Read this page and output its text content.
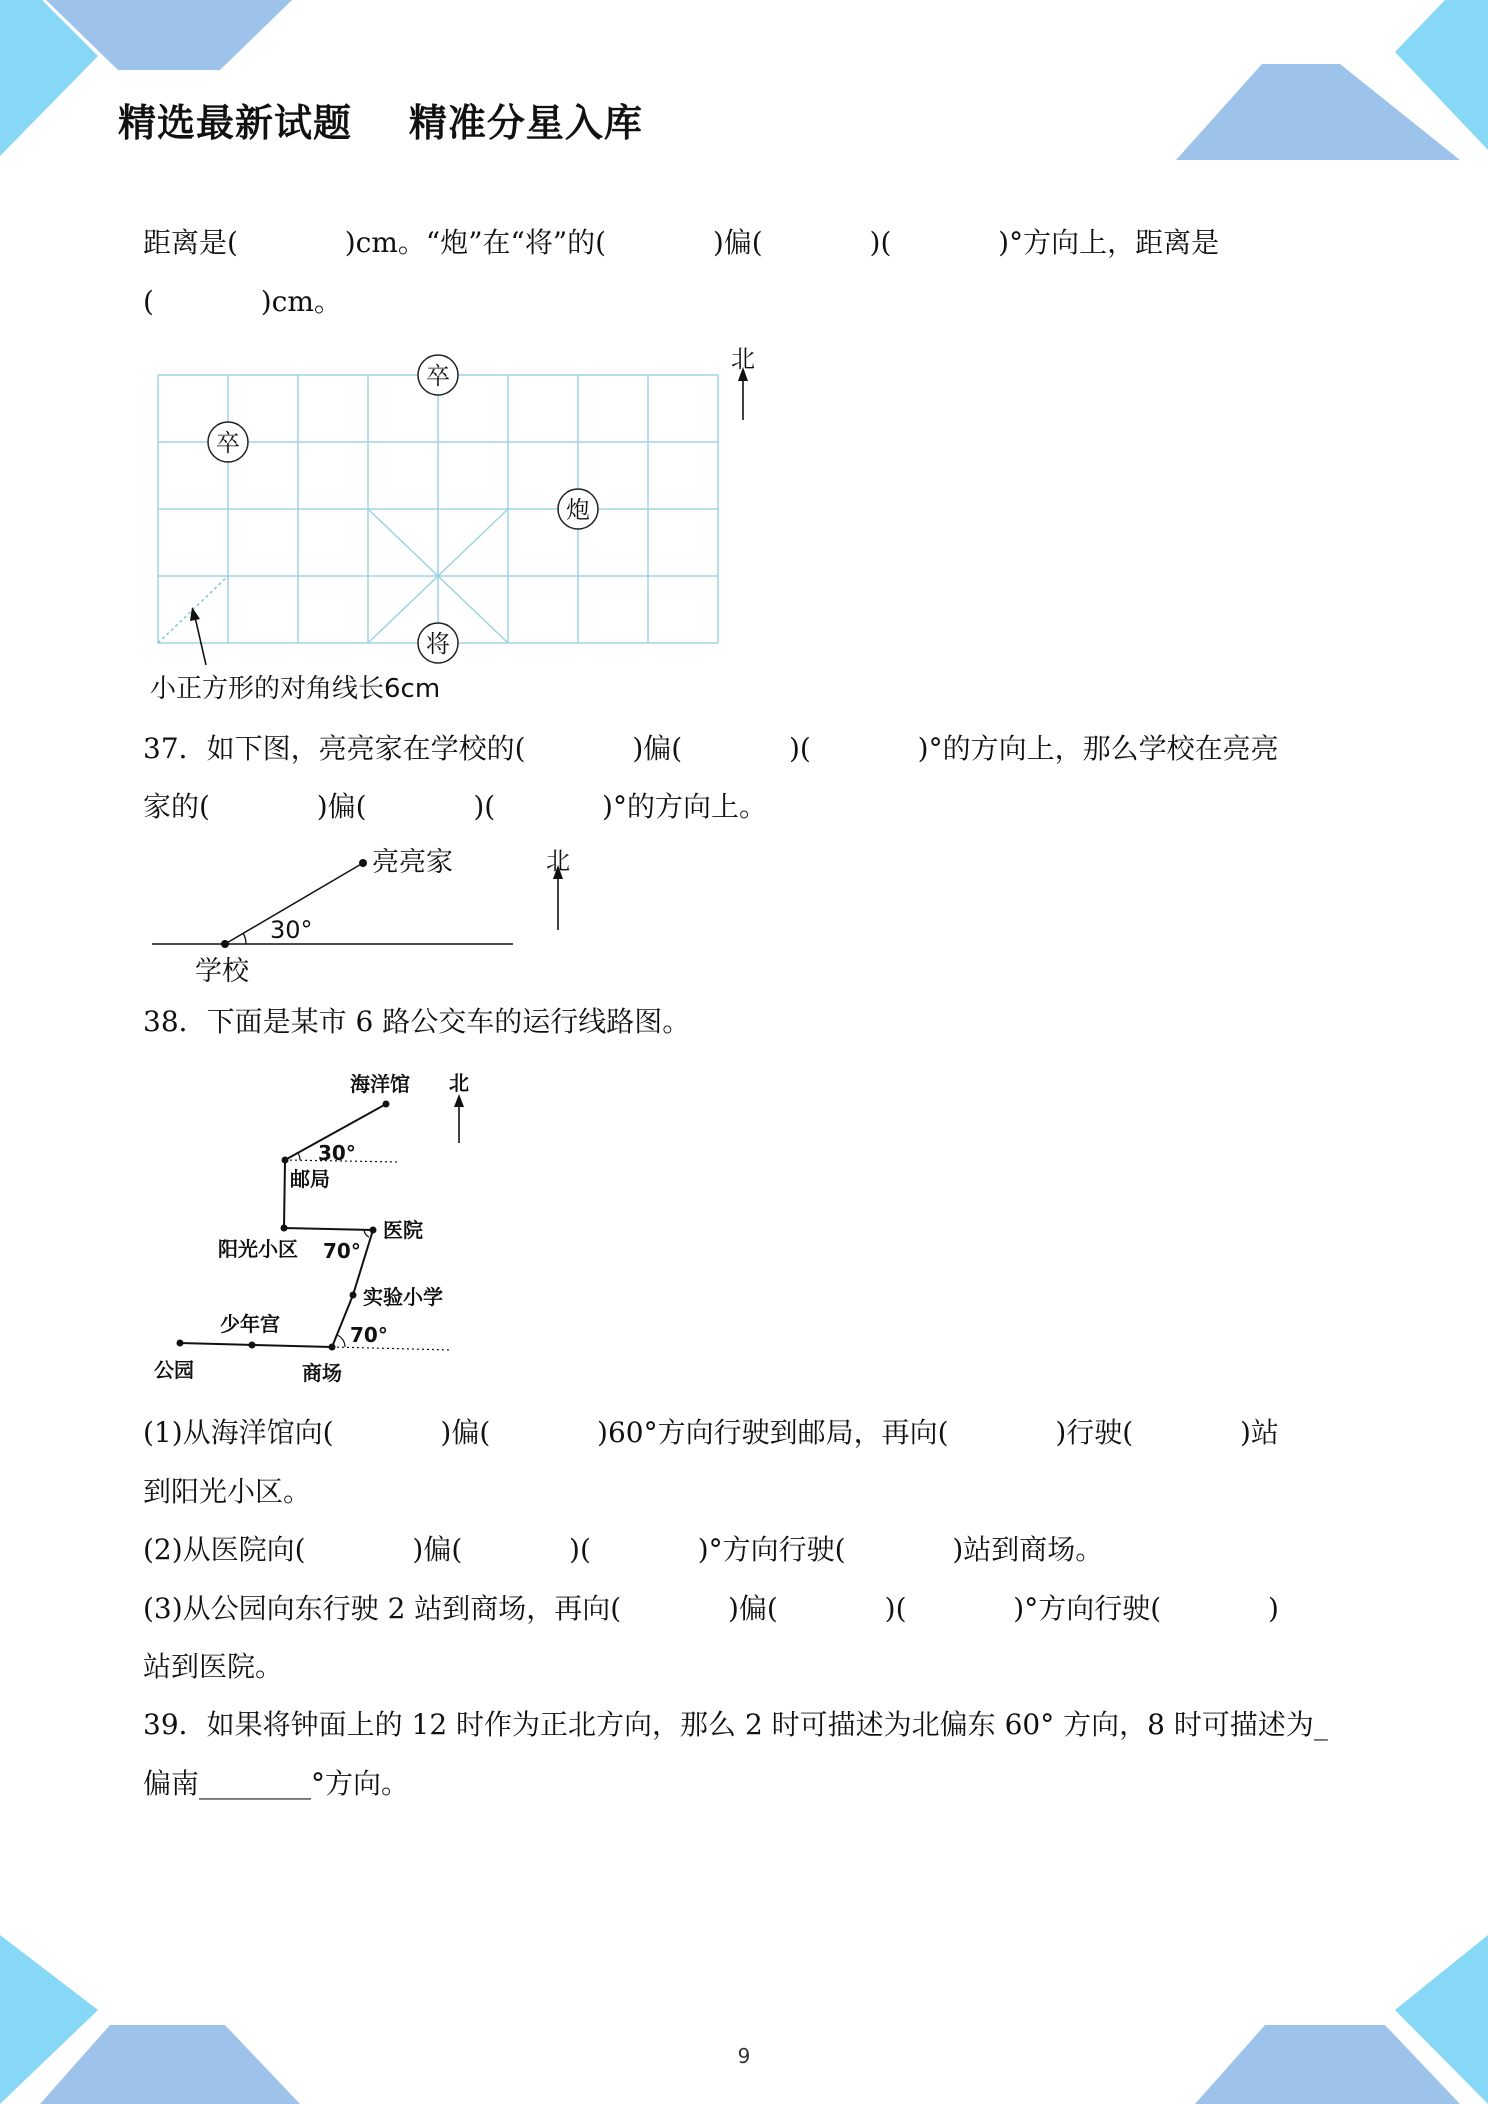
精选最新试题    精准分星入库
距离是(            )cm。“炮”在“将”的(            )偏(            )(            )°方向上，距离是
(            )cm。
卒
卒
炮
将
北
小正方形的对角线长6cm
37．如下图，亮亮家在学校的(            )偏(            )(            )°的方向上，那么学校在亮亮
家的(            )偏(            )(            )°的方向上。
亮亮家
学校
30°
北
38．下面是某市 6 路公交车的运行线路图。
海洋馆
邮局
阳光小区
医院
实验小学
少年宫
公园	商场
30°
70°
70°
北
(1)从海洋馆向(            )偏(            )60°方向行驶到邮局，再向(            )行驶(            )站
到阳光小区。
(2)从医院向(            )偏(            )(            )°方向行驶(            )站到商场。
(3)从公园向东行驶 2 站到商场，再向(            )偏(            )(            )°方向行驶(            )
站到医院。
39．如果将钟面上的 12 时作为正北方向，那么 2 时可描述为北偏东 60° 方向，8 时可描述为_
偏南________°方向。
9
